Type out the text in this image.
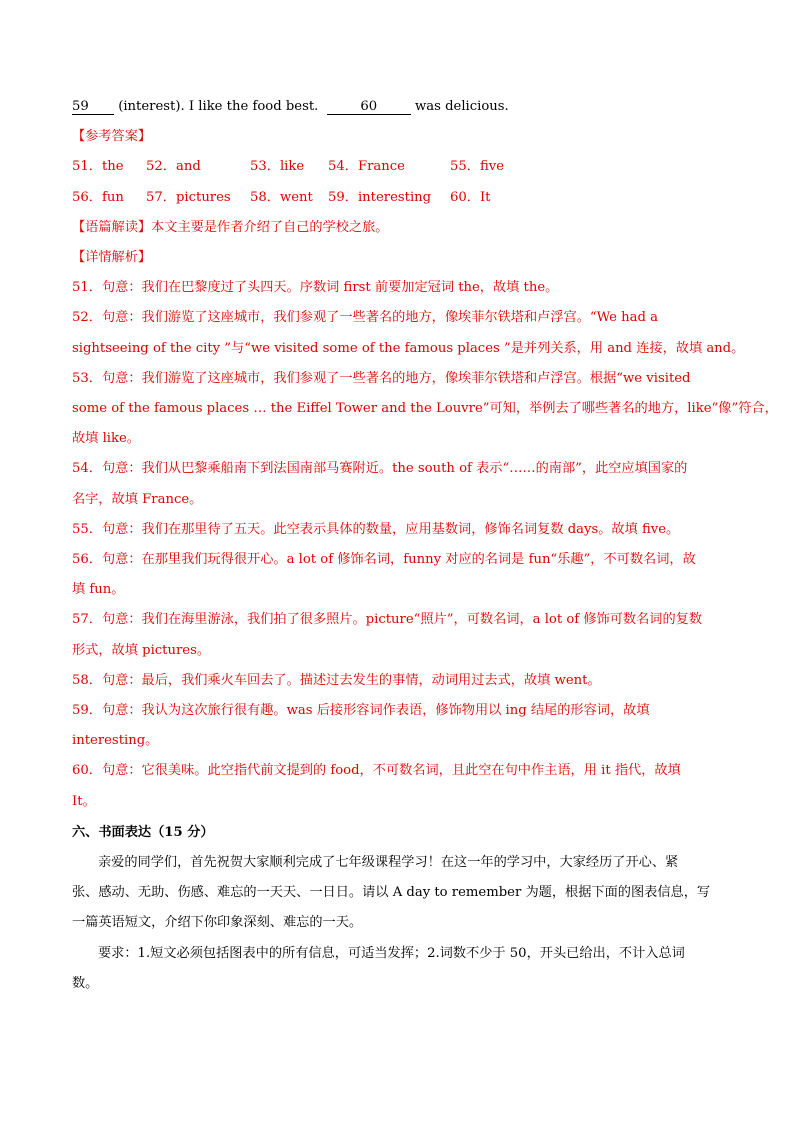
59 (interest). I like the food best.	60	was delicious.
【参考答案】
51．the 52．and	53．like 54．France	55．five
56．fun 57．pictures 58．went 59．interesting 60．It
【语篇解读】本文主要是作者介绍了自己的学校之旅。
【详情解析】
51．句意：我们在巴黎度过了头四天。序数词 first 前要加定冠词 the，故填 the。
52．句意：我们游览了这座城市，我们参观了一些著名的地方，像埃菲尔铁塔和卢浮宫。“We had a
sightseeing of the city ”与“we visited some of the famous places ”是并列关系，用 and 连接，故填 and。
53．句意：我们游览了这座城市，我们参观了一些著名的地方，像埃菲尔铁塔和卢浮宫。根据“we visited
some of the famous places … the Eiffel Tower and the Louvre”可知，举例去了哪些著名的地方，like“像”符合，
故填 like。
54．句意：我们从巴黎乘船南下到法国南部马赛附近。the south of 表示“……的南部”，此空应填国家的
名字，故填 France。
55．句意：我们在那里待了五天。此空表示具体的数量，应用基数词，修饰名词复数 days。故填 five。
56．句意：在那里我们玩得很开心。a lot of 修饰名词，funny 对应的名词是 fun“乐趣”，不可数名词，故
填 fun。
57．句意：我们在海里游泳，我们拍了很多照片。picture“照片”，可数名词，a lot of 修饰可数名词的复数
形式，故填 pictures。
58．句意：最后，我们乘火车回去了。描述过去发生的事情，动词用过去式，故填 went。
59．句意：我认为这次旅行很有趣。was 后接形容词作表语，修饰物用以 ing 结尾的形容词，故填
interesting。
60．句意：它很美味。此空指代前文提到的 food，不可数名词，且此空在句中作主语，用 it 指代，故填
It。
六、书面表达（15 分）
亲爱的同学们，首先祝贺大家顺利完成了七年级课程学习！在这一年的学习中，大家经历了开心、紧
张、感动、无助、伤感、难忘的一天天、一日日。请以 A day to remember 为题，根据下面的图表信息，写
一篇英语短文，介绍下你印象深刻、难忘的一天。
要求：1.短文必须包括图表中的所有信息，可适当发挥；2.词数不少于 50，开头已给出，不计入总词
数。
